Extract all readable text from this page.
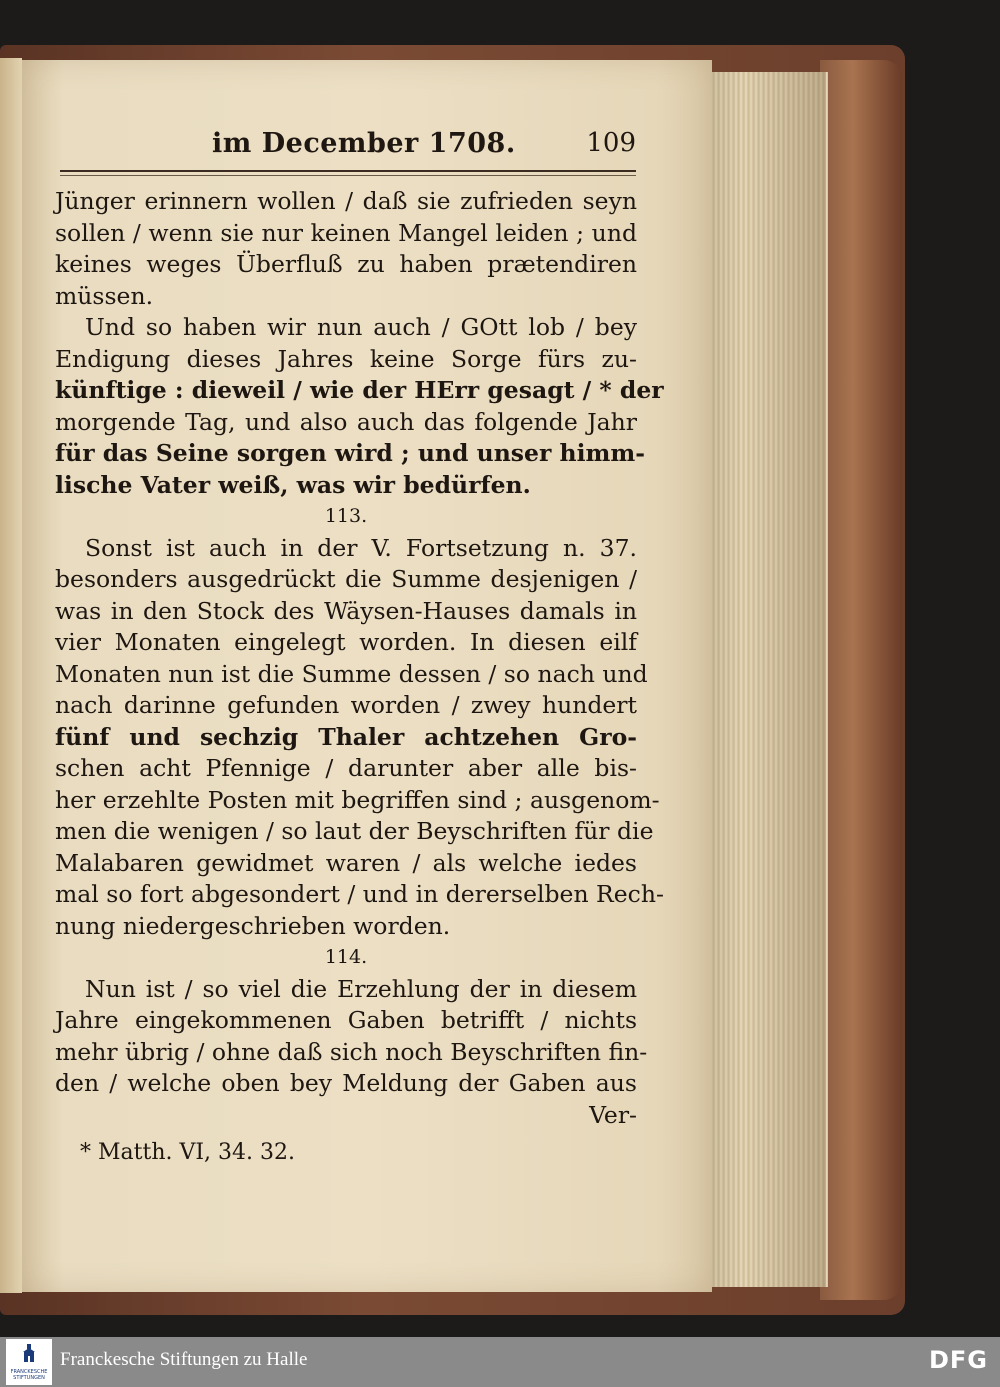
im December 1708.	109
Jünger erinnern wollen / daß sie zufrieden seyn
sollen / wenn sie nur keinen Mangel leiden ; und
keines weges Überfluß zu haben prætendiren
müssen.
Und so haben wir nun auch / GOtt lob / bey
Endigung dieses Jahres keine Sorge fürs zu-
künftige : dieweil / wie der HErr gesagt / * der
morgende Tag, und also auch das folgende Jahr
für das Seine sorgen wird ; und unser himm-
lische Vater weiß, was wir bedürfen.
113.
Sonst ist auch in der V. Fortsetzung n. 37.
besonders ausgedrückt die Summe desjenigen /
was in den Stock des Wäysen-Hauses damals in
vier Monaten eingelegt worden. In diesen eilf
Monaten nun ist die Summe dessen / so nach und
nach darinne gefunden worden / zwey hundert
fünf und sechzig Thaler achtzehen Gro-
schen acht Pfennige / darunter aber alle bis-
her erzehlte Posten mit begriffen sind ; ausgenom-
men die wenigen / so laut der Beyschriften für die
Malabaren gewidmet waren / als welche iedes
mal so fort abgesondert / und in dererselben Rech-
nung niedergeschrieben worden.
114.
Nun ist / so viel die Erzehlung der in diesem
Jahre eingekommenen Gaben betrifft / nichts
mehr übrig / ohne daß sich noch Beyschriften fin-
den / welche oben bey Meldung der Gaben aus
Ver-
* Matth. VI, 34. 32.
FRANCKESCHE STIFTUNGEN
Franckesche Stiftungen zu Halle	DFG
